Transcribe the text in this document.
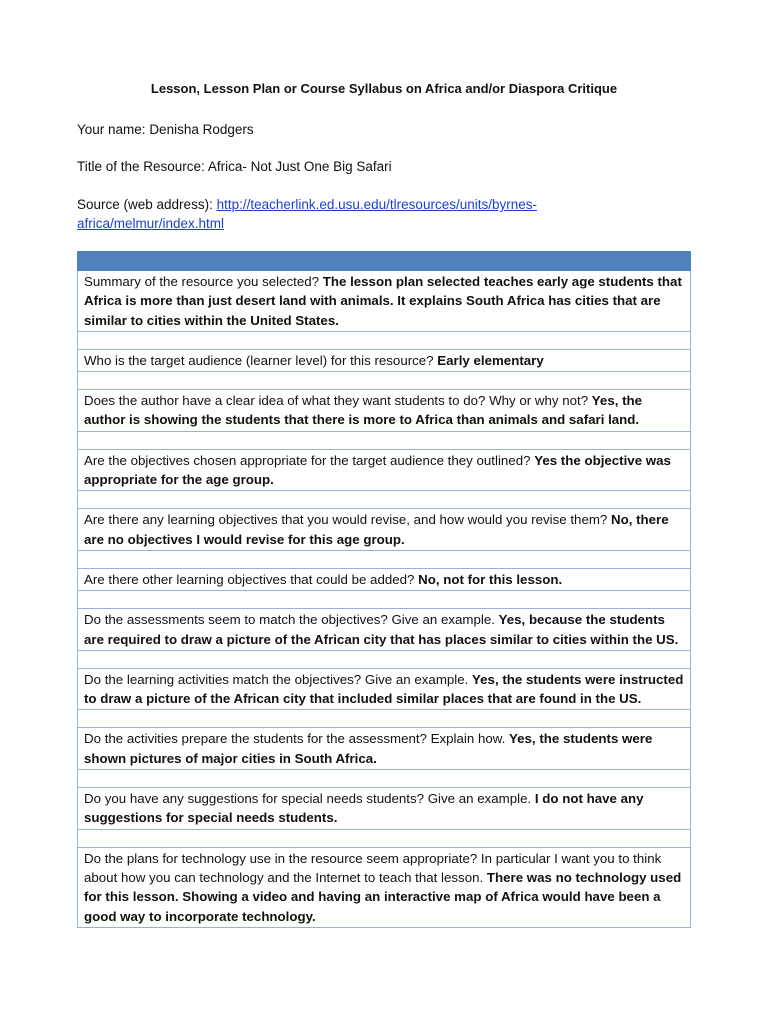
Lesson, Lesson Plan or Course Syllabus on Africa and/or Diaspora Critique
Your name: Denisha Rodgers
Title of the Resource: Africa- Not Just One Big Safari
Source (web address): http://teacherlink.ed.usu.edu/tlresources/units/byrnes-africa/melmur/index.html

Summary of the resource you selected? The lesson plan selected teaches early age students that Africa is more than just desert land with animals. It explains South Africa has cities that are similar to cities within the United States.

Who is the target audience (learner level) for this resource? Early elementary

Does the author have a clear idea of what they want students to do? Why or why not? Yes, the author is showing the students that there is more to Africa than animals and safari land.

Are the objectives chosen appropriate for the target audience they outlined? Yes the objective was appropriate for the age group.

Are there any learning objectives that you would revise, and how would you revise them? No, there are no objectives I would revise for this age group.

Are there other learning objectives that could be added? No, not for this lesson.

Do the assessments seem to match the objectives? Give an example. Yes, because the students are required to draw a picture of the African city that has places similar to cities within the US.

Do the learning activities match the objectives? Give an example. Yes, the students were instructed to draw a picture of the African city that included similar places that are found in the US.

Do the activities prepare the students for the assessment? Explain how. Yes, the students were shown pictures of major cities in South Africa.

Do you have any suggestions for special needs students? Give an example. I do not have any suggestions for special needs students.

Do the plans for technology use in the resource seem appropriate? In particular I want you to think about how you can technology and the Internet to teach that lesson. There was no technology used for this lesson. Showing a video and having an interactive map of Africa would have been a good way to incorporate technology.
